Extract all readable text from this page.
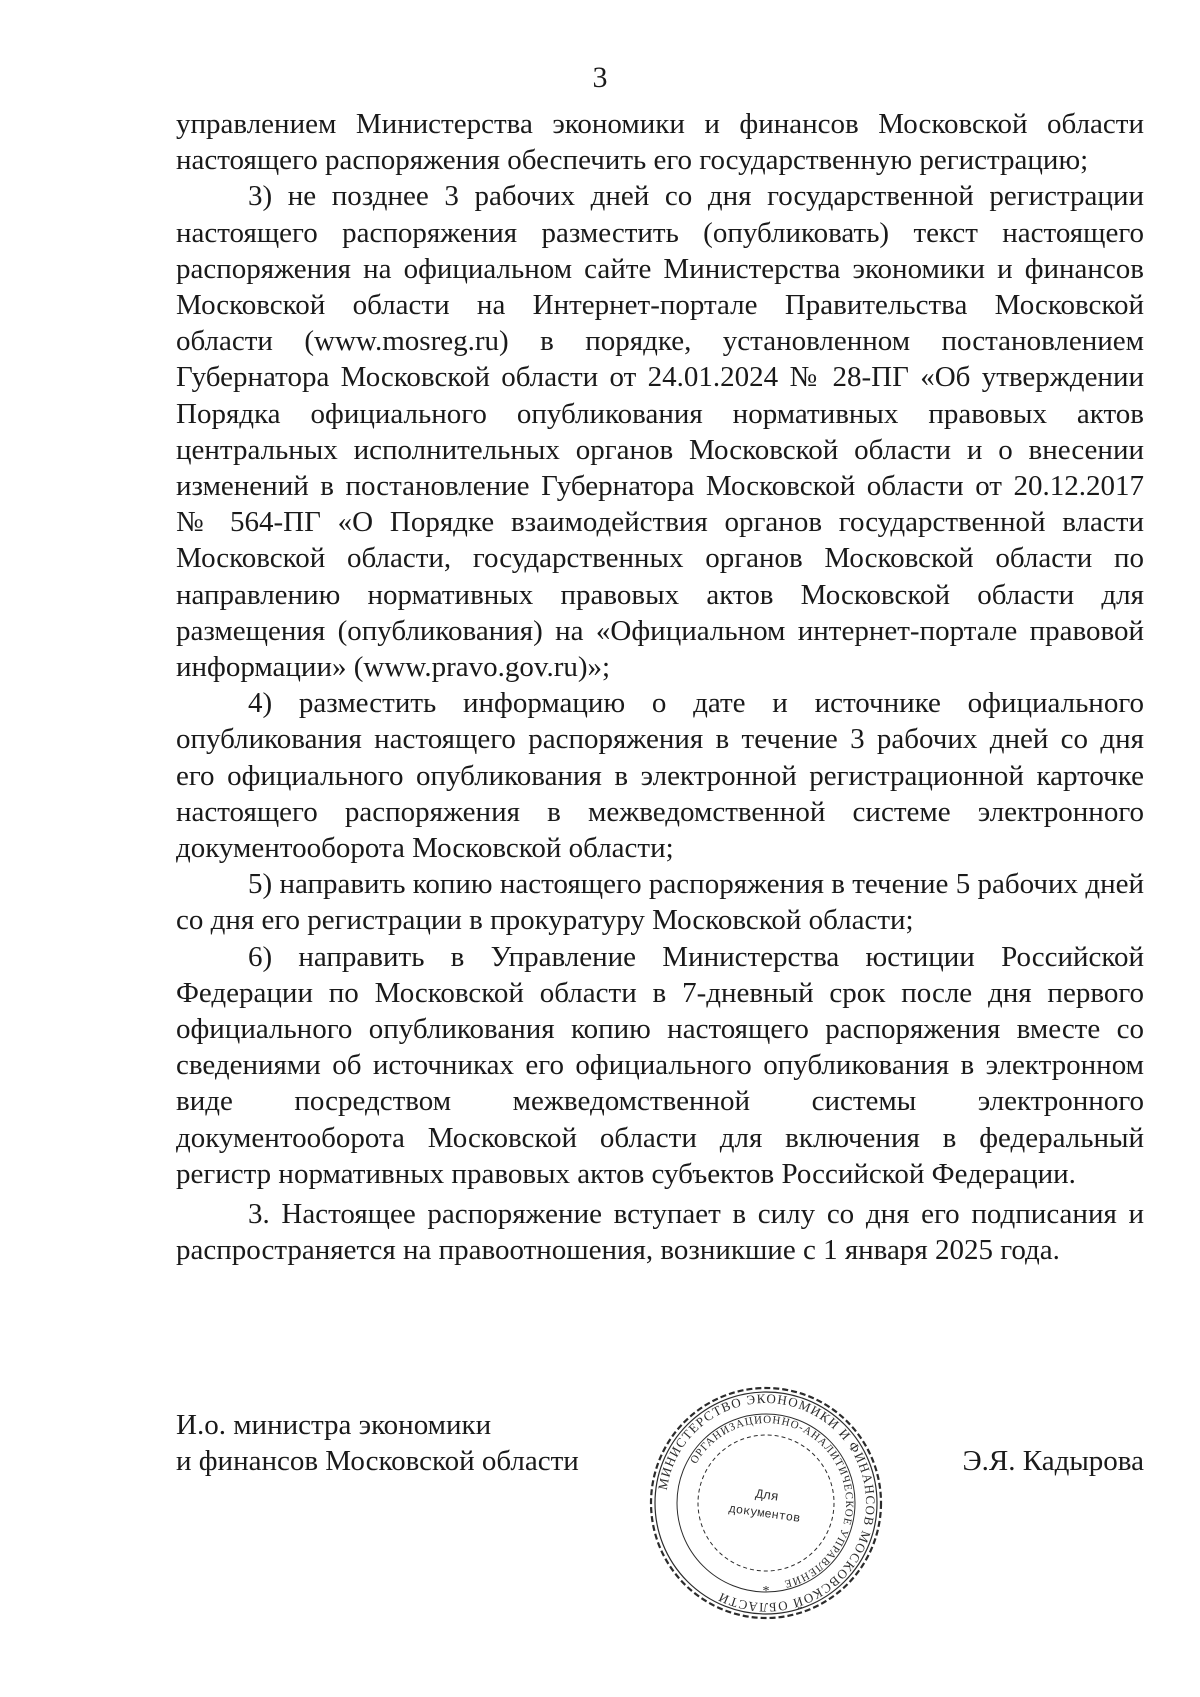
3

управлением Министерства экономики и финансов Московской области настоящего распоряжения обеспечить его государственную регистрацию;

3) не позднее 3 рабочих дней со дня государственной регистрации настоящего распоряжения разместить (опубликовать) текст настоящего распоряжения на официальном сайте Министерства экономики и финансов Московской области на Интернет-портале Правительства Московской области (www.mosreg.ru) в порядке, установленном постановлением Губернатора Московской области от 24.01.2024 № 28-ПГ «Об утверждении Порядка официального опубликования нормативных правовых актов центральных исполнительных органов Московской области и о внесении изменений в постановление Губернатора Московской области от 20.12.2017 № 564-ПГ «О Порядке взаимодействия органов государственной власти Московской области, государственных органов Московской области по направлению нормативных правовых актов Московской области для размещения (опубликования) на «Официальном интернет-портале правовой информации» (www.pravo.gov.ru)»;

4) разместить информацию о дате и источнике официального опубликования настоящего распоряжения в течение 3 рабочих дней со дня его официального опубликования в электронной регистрационной карточке настоящего распоряжения в межведомственной системе электронного документооборота Московской области;

5) направить копию настоящего распоряжения в течение 5 рабочих дней со дня его регистрации в прокуратуру Московской области;

6) направить в Управление Министерства юстиции Российской Федерации по Московской области в 7-дневный срок после дня первого официального опубликования копию настоящего распоряжения вместе со сведениями об источниках его официального опубликования в электронном виде посредством межведомственной системы электронного документооборота Московской области для включения в федеральный регистр нормативных правовых актов субъектов Российской Федерации.

3. Настоящее распоряжение вступает в силу со дня его подписания и распространяется на правоотношения, возникшие с 1 января 2025 года.

И.о. министра экономики
и финансов Московской области	Э.Я. Кадырова
МИНИСТЕРСТВО ЭКОНОМИКИ И ФИНАНСОВ МОСКОВСКОЙ ОБЛАСТИ
ОРГАНИЗАЦИОННО-АНАЛИТИЧЕСКОЕ УПРАВЛЕНИЕ
Для
документов
*
